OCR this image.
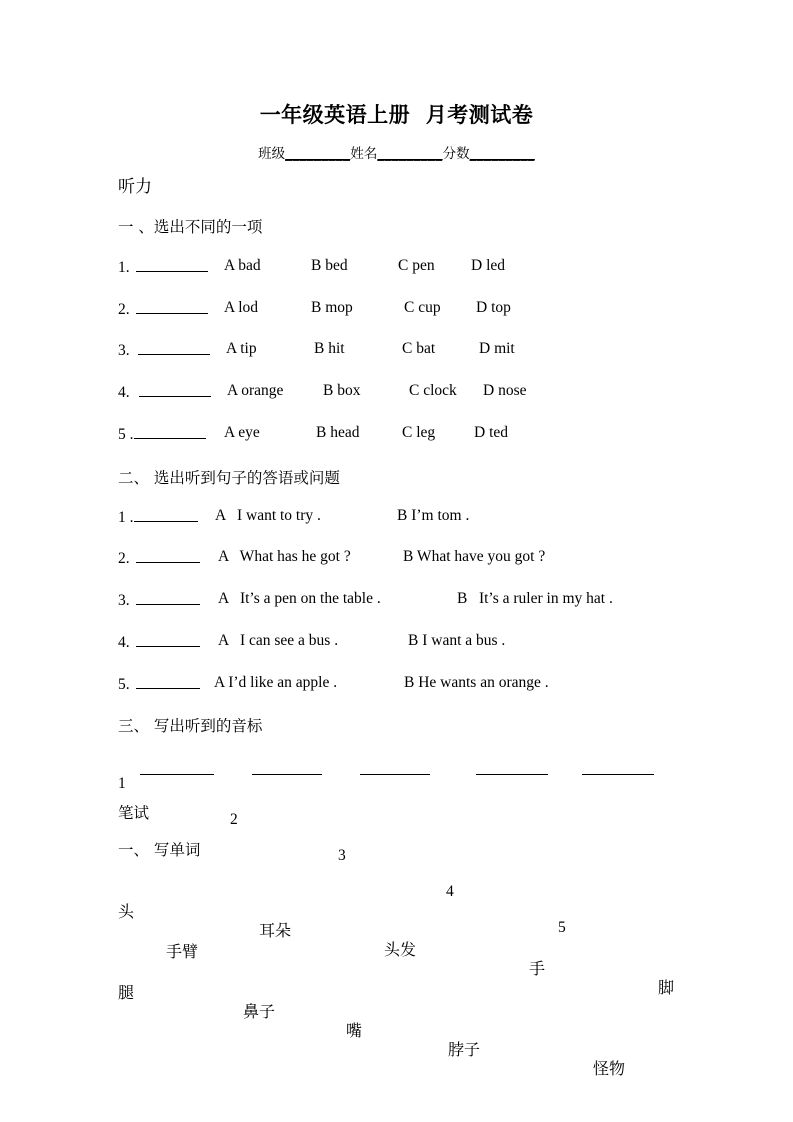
一年级英语上册  月考测试卷
班级_________姓名_________分数_________
听力
一 、选出不同的一项
1.	A bad	B bed	C pen D led
2.	A lod	B mop	C cup D top
3.	A tip	B hit	C bat	D mit
4.	A orange	B box	C clock D nose
5 .	A eye	B head	C leg	D ted
二、 选出听到句子的答语或问题
1 .	A   I want to try .	B I’m tom .
2.	A   What has he got ?	B What have you got ?
3.	A   It’s a pen on the table .	B   It’s a ruler in my hat .
4.	A   I can see a bus .	B I want a bus .
5.	A I’d like an apple .	B He wants an orange .
三、 写出听到的音标

1

2

3

4

5

笔试
一、 写单词

头

耳朵

头发

手

脚

手臂

腿

鼻子

嘴

脖子

怪物
